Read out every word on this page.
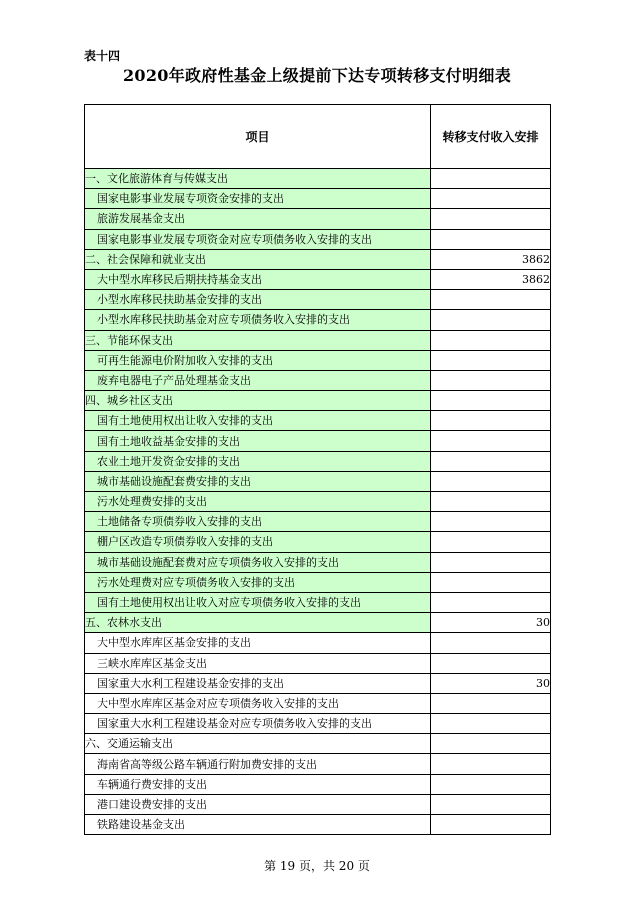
表十四
2020年政府性基金上级提前下达专项转移支付明细表
项目	转移支付收入安排
一、文化旅游体育与传媒支出	
国家电影事业发展专项资金安排的支出	
旅游发展基金支出	
国家电影事业发展专项资金对应专项债务收入安排的支出	
二、社会保障和就业支出	3862
大中型水库移民后期扶持基金支出	3862
小型水库移民扶助基金安排的支出	
小型水库移民扶助基金对应专项债务收入安排的支出	
三、节能环保支出	
可再生能源电价附加收入安排的支出	
废弃电器电子产品处理基金支出	
四、城乡社区支出	
国有土地使用权出让收入安排的支出	
国有土地收益基金安排的支出	
农业土地开发资金安排的支出	
城市基础设施配套费安排的支出	
污水处理费安排的支出	
土地储备专项债券收入安排的支出	
棚户区改造专项债券收入安排的支出	
城市基础设施配套费对应专项债务收入安排的支出	
污水处理费对应专项债务收入安排的支出	
国有土地使用权出让收入对应专项债务收入安排的支出	
五、农林水支出	30
大中型水库库区基金安排的支出	
三峡水库库区基金支出	
国家重大水利工程建设基金安排的支出	30
大中型水库库区基金对应专项债务收入安排的支出	
国家重大水利工程建设基金对应专项债务收入安排的支出	
六、交通运输支出	
海南省高等级公路车辆通行附加费安排的支出	
车辆通行费安排的支出	
港口建设费安排的支出	
铁路建设基金支出	
第 19 页，共 20 页
